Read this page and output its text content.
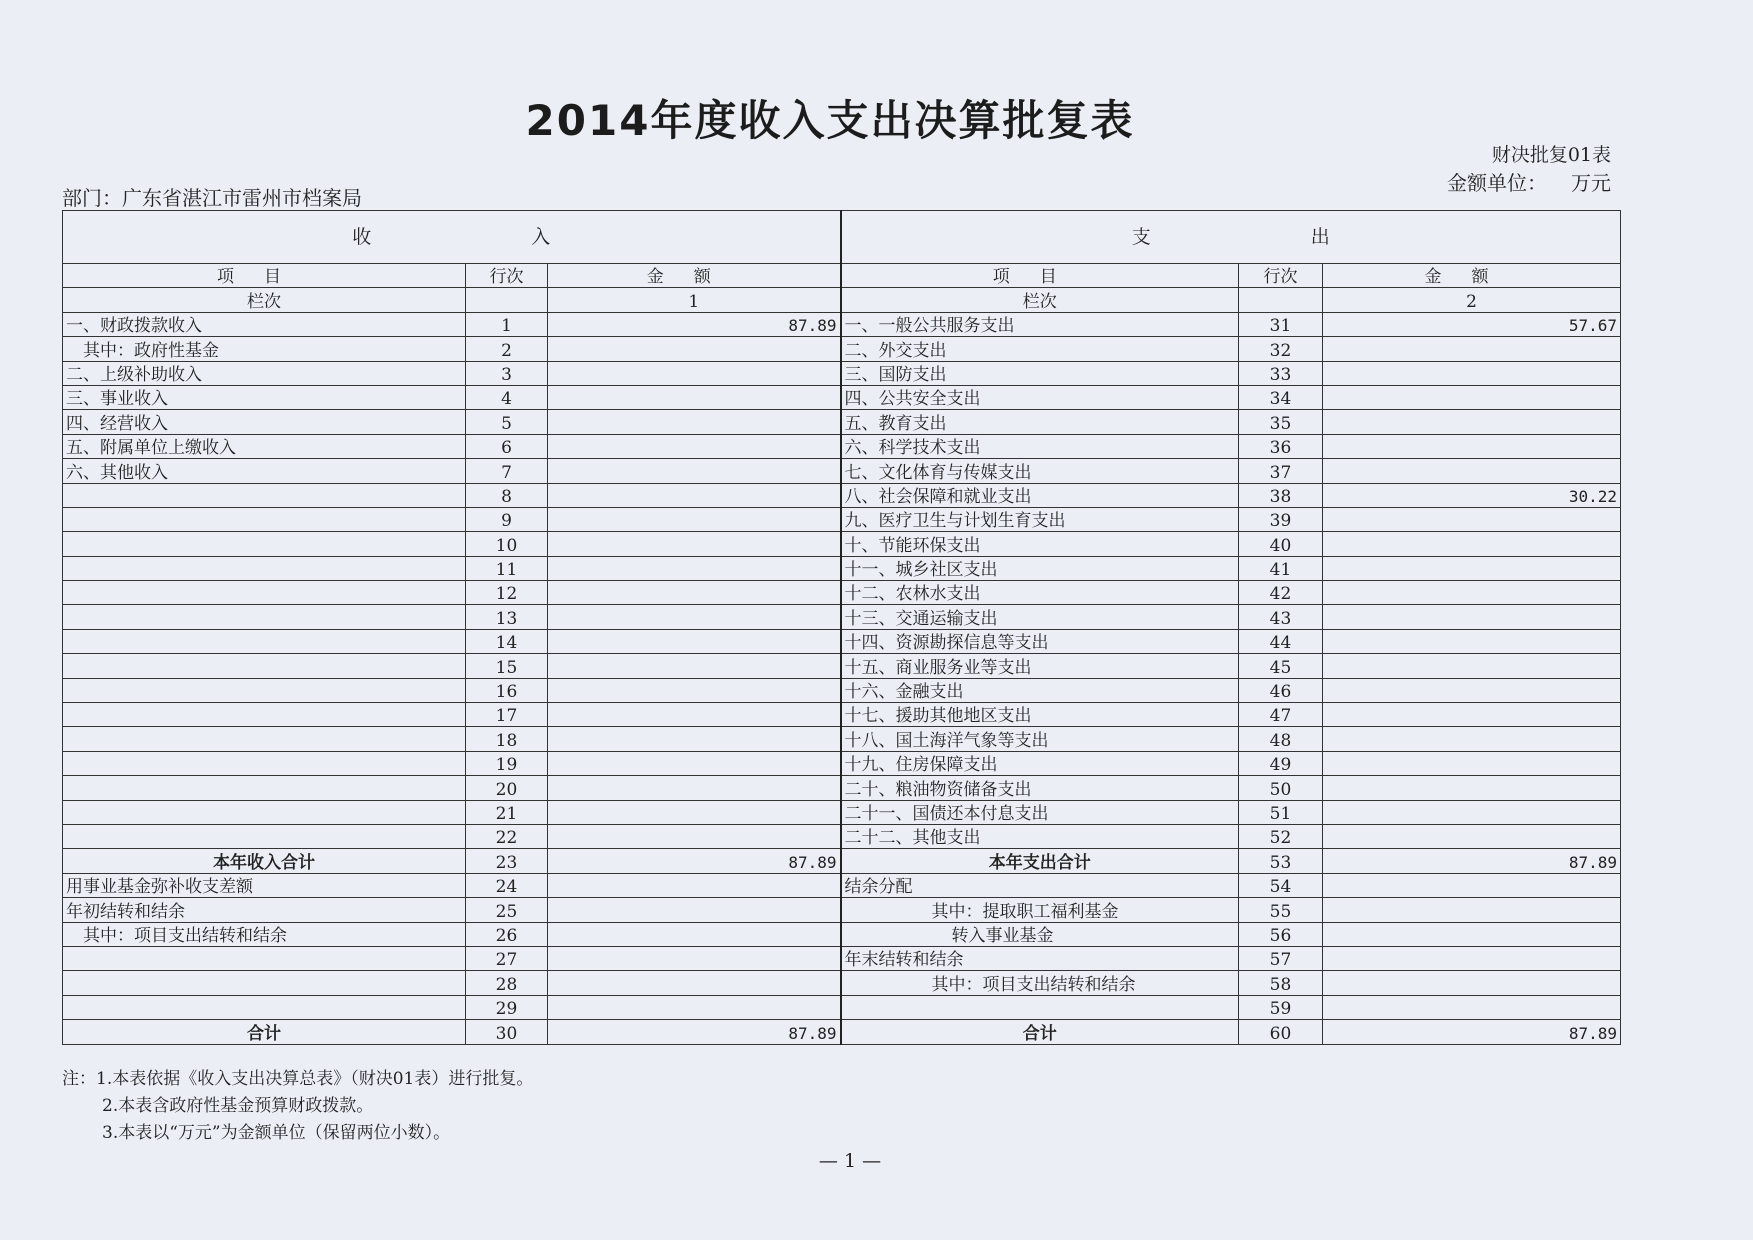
2014年度收入支出决算批复表
财决批复01表
金额单位： 万元
部门：广东省湛江市雷州市档案局
收入			支出		
项目	行次	金额	项目	行次	金额
栏次		1	栏次		2
一、财政拨款收入	1	87.89	一、一般公共服务支出	31	57.67
其中：政府性基金	2		二、外交支出	32	
二、上级补助收入	3		三、国防支出	33	
三、事业收入	4		四、公共安全支出	34	
四、经营收入	5		五、教育支出	35	
五、附属单位上缴收入	6		六、科学技术支出	36	
六、其他收入	7		七、文化体育与传媒支出	37	
	8		八、社会保障和就业支出	38	30.22
	9		九、医疗卫生与计划生育支出	39	
	10		十、节能环保支出	40	
	11		十一、城乡社区支出	41	
	12		十二、农林水支出	42	
	13		十三、交通运输支出	43	
	14		十四、资源勘探信息等支出	44	
	15		十五、商业服务业等支出	45	
	16		十六、金融支出	46	
	17		十七、援助其他地区支出	47	
	18		十八、国土海洋气象等支出	48	
	19		十九、住房保障支出	49	
	20		二十、粮油物资储备支出	50	
	21		二十一、国债还本付息支出	51	
	22		二十二、其他支出	52	
本年收入合计	23	87.89	本年支出合计	53	87.89
用事业基金弥补收支差额	24		结余分配	54	
年初结转和结余	25		其中：提取职工福利基金	55	
其中：项目支出结转和结余	26		转入事业基金	56	
	27		年末结转和结余	57	
	28		其中：项目支出结转和结余	58	
	29			59	
合计	30	87.89	合计	60	87.89
注：1.本表依据《收入支出决算总表》（财决01表）进行批复。
2.本表含政府性基金预算财政拨款。
3.本表以“万元”为金额单位（保留两位小数）。
— 1 —
